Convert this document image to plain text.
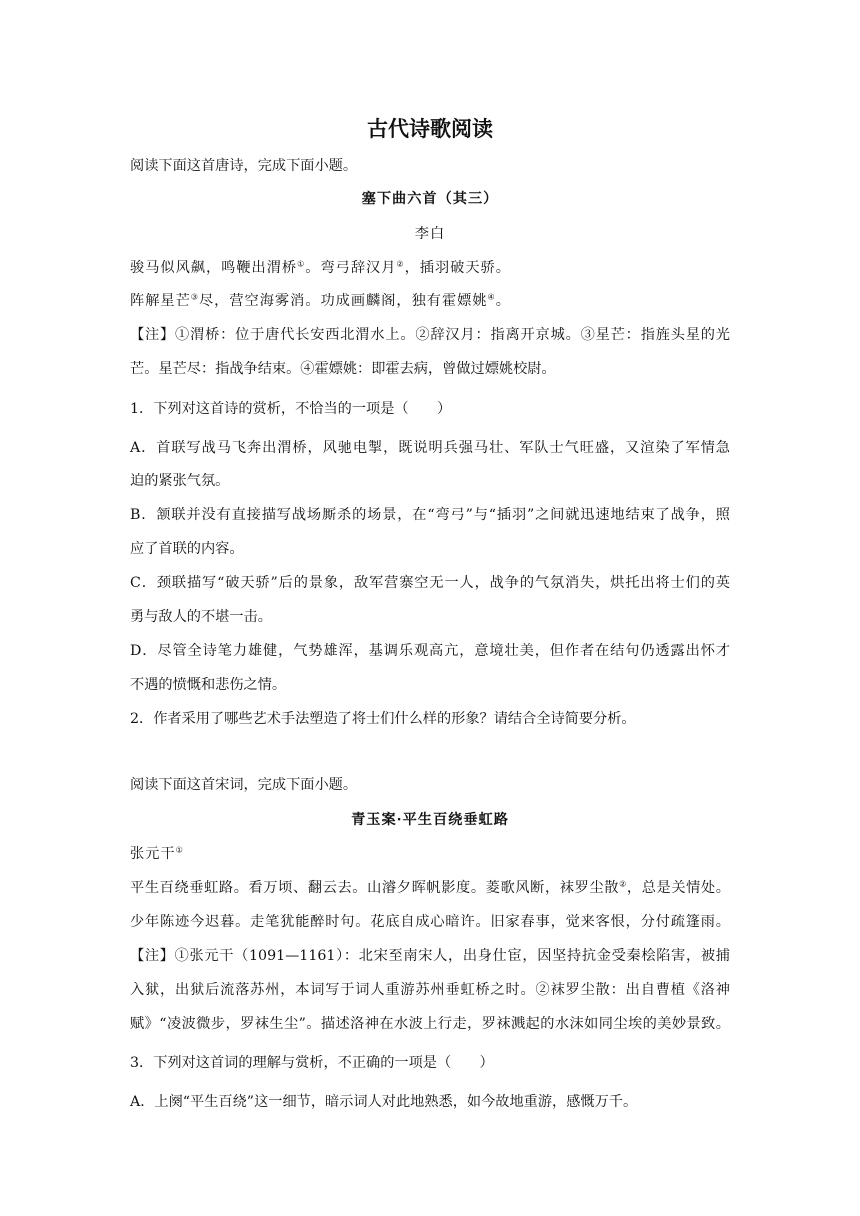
古代诗歌阅读
阅读下面这首唐诗，完成下面小题。
塞下曲六首（其三）
李白
骏马似风飙，鸣鞭出渭桥①。弯弓辞汉月②，插羽破天骄。
阵解星芒③尽，营空海雾消。功成画麟阁，独有霍嫖姚④。
【注】①渭桥：位于唐代长安西北渭水上。②辞汉月：指离开京城。③星芒：指旌头星的光
芒。星芒尽：指战争结束。④霍嫖姚：即霍去病，曾做过嫖姚校尉。
1．下列对这首诗的赏析，不恰当的一项是（　　）
A．首联写战马飞奔出渭桥，风驰电掣，既说明兵强马壮、军队士气旺盛，又渲染了军情急
迫的紧张气氛。
B．颔联并没有直接描写战场厮杀的场景，在“弯弓”与“插羽”之间就迅速地结束了战争，照
应了首联的内容。
C．颈联描写“破天骄”后的景象，敌军营寨空无一人，战争的气氛消失，烘托出将士们的英
勇与敌人的不堪一击。
D．尽管全诗笔力雄健，气势雄浑，基调乐观高亢，意境壮美，但作者在结句仍透露出怀才
不遇的愤慨和悲伤之情。
2．作者采用了哪些艺术手法塑造了将士们什么样的形象？请结合全诗简要分析。
阅读下面这首宋词，完成下面小题。
青玉案·平生百绕垂虹路
张元干①
平生百绕垂虹路。看万顷、翻云去。山濬夕晖帆影度。菱歌风断，袜罗尘散②，总是关情处。
少年陈迹今迟暮。走笔犹能醉时句。花底自成心暗许。旧家春事，觉来客恨，分付疏篷雨。
【注】①张元干（1091—1161）：北宋至南宋人，出身仕宦，因坚持抗金受秦桧陷害，被捕
入狱，出狱后流落苏州，本词写于词人重游苏州垂虹桥之时。②袜罗尘散：出自曹植《洛神
赋》“凌波微步，罗袜生尘”。描述洛神在水波上行走，罗袜溅起的水沫如同尘埃的美妙景致。
3．下列对这首词的理解与赏析，不正确的一项是（　　）
A．上阕“平生百绕”这一细节，暗示词人对此地熟悉，如今故地重游，感慨万千。
